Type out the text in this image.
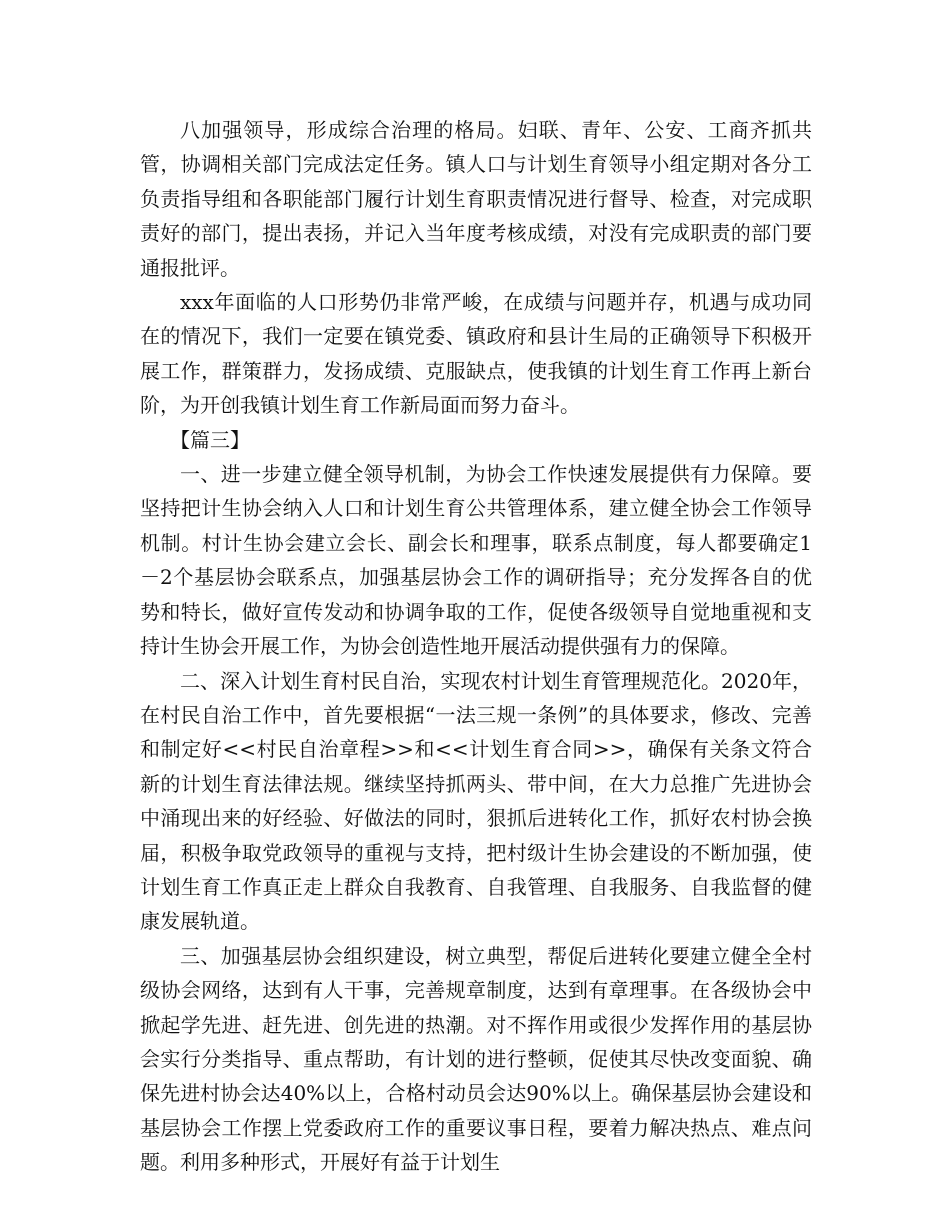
八加强领导，形成综合治理的格局。妇联、青年、公安、工商齐抓共管，协调相关部门完成法定任务。镇人口与计划生育领导小组定期对各分工负责指导组和各职能部门履行计划生育职责情况进行督导、检查，对完成职责好的部门，提出表扬，并记入当年度考核成绩，对没有完成职责的部门要通报批评。

xxx年面临的人口形势仍非常严峻，在成绩与问题并存，机遇与成功同在的情况下，我们一定要在镇党委、镇政府和县计生局的正确领导下积极开展工作，群策群力，发扬成绩、克服缺点，使我镇的计划生育工作再上新台阶，为开创我镇计划生育工作新局面而努力奋斗。

【篇三】

一、进一步建立健全领导机制，为协会工作快速发展提供有力保障。要坚持把计生协会纳入人口和计划生育公共管理体系，建立健全协会工作领导机制。村计生协会建立会长、副会长和理事，联系点制度，每人都要确定1－2个基层协会联系点，加强基层协会工作的调研指导；充分发挥各自的优势和特长，做好宣传发动和协调争取的工作，促使各级领导自觉地重视和支持计生协会开展工作，为协会创造性地开展活动提供强有力的保障。

二、深入计划生育村民自治，实现农村计划生育管理规范化。2020年，在村民自治工作中，首先要根据“一法三规一条例”的具体要求，修改、完善和制定好<<村民自治章程>>和<<计划生育合同>>，确保有关条文符合新的计划生育法律法规。继续坚持抓两头、带中间，在大力总推广先进协会中涌现出来的好经验、好做法的同时，狠抓后进转化工作，抓好农村协会换届，积极争取党政领导的重视与支持，把村级计生协会建设的不断加强，使计划生育工作真正走上群众自我教育、自我管理、自我服务、自我监督的健康发展轨道。

三、加强基层协会组织建设，树立典型，帮促后进转化要建立健全全村级协会网络，达到有人干事，完善规章制度，达到有章理事。在各级协会中掀起学先进、赶先进、创先进的热潮。对不挥作用或很少发挥作用的基层协会实行分类指导、重点帮助，有计划的进行整顿，促使其尽快改变面貌、确保先进村协会达40%以上，合格村动员会达90%以上。确保基层协会建设和基层协会工作摆上党委政府工作的重要议事日程，要着力解决热点、难点问题。利用多种形式，开展好有益于计划生
